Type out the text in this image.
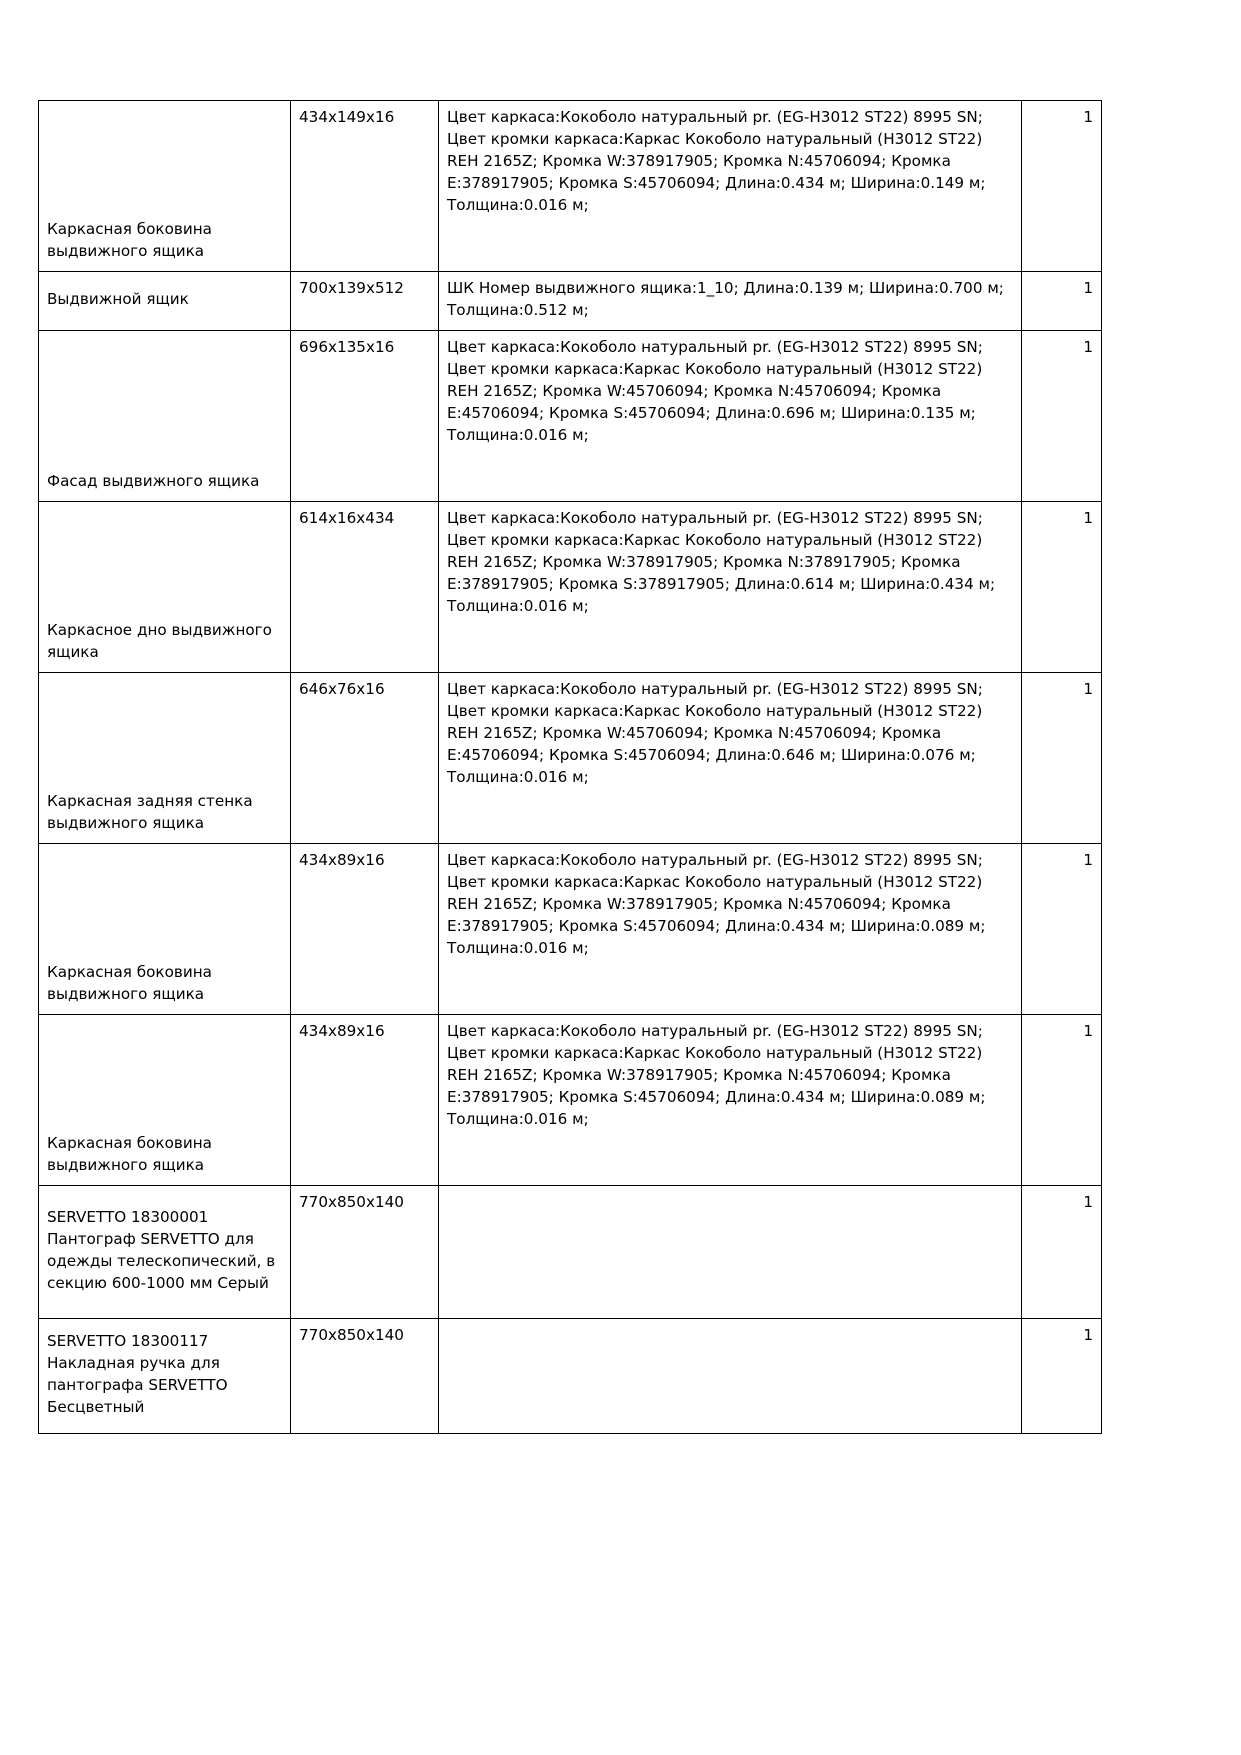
Каркасная боковина выдвижного ящика	434x149x16	Цвет каркаса:Кокоболо натуральный pr. (EG-H3012 ST22) 8995 SN; Цвет кромки каркаса:Каркас Кокоболо натуральный (H3012 ST22) REH 2165Z; Кромка W:378917905; Кромка N:45706094; Кромка E:378917905; Кромка S:45706094; Длина:0.434 м; Ширина:0.149 м; Толщина:0.016 м;	1
Выдвижной ящик	700x139x512	ШК Номер выдвижного ящика:1_10; Длина:0.139 м; Ширина:0.700 м; Толщина:0.512 м;	1
Фасад выдвижного ящика	696x135x16	Цвет каркаса:Кокоболо натуральный pr. (EG-H3012 ST22) 8995 SN; Цвет кромки каркаса:Каркас Кокоболо натуральный (H3012 ST22) REH 2165Z; Кромка W:45706094; Кромка N:45706094; Кромка E:45706094; Кромка S:45706094; Длина:0.696 м; Ширина:0.135 м; Толщина:0.016 м;	1
Каркасное дно выдвижного ящика	614x16x434	Цвет каркаса:Кокоболо натуральный pr. (EG-H3012 ST22) 8995 SN; Цвет кромки каркаса:Каркас Кокоболо натуральный (H3012 ST22) REH 2165Z; Кромка W:378917905; Кромка N:378917905; Кромка E:378917905; Кромка S:378917905; Длина:0.614 м; Ширина:0.434 м; Толщина:0.016 м;	1
Каркасная задняя стенка выдвижного ящика	646x76x16	Цвет каркаса:Кокоболо натуральный pr. (EG-H3012 ST22) 8995 SN; Цвет кромки каркаса:Каркас Кокоболо натуральный (H3012 ST22) REH 2165Z; Кромка W:45706094; Кромка N:45706094; Кромка E:45706094; Кромка S:45706094; Длина:0.646 м; Ширина:0.076 м; Толщина:0.016 м;	1
Каркасная боковина выдвижного ящика	434x89x16	Цвет каркаса:Кокоболо натуральный pr. (EG-H3012 ST22) 8995 SN; Цвет кромки каркаса:Каркас Кокоболо натуральный (H3012 ST22) REH 2165Z; Кромка W:378917905; Кромка N:45706094; Кромка E:378917905; Кромка S:45706094; Длина:0.434 м; Ширина:0.089 м; Толщина:0.016 м;	1
Каркасная боковина выдвижного ящика	434x89x16	Цвет каркаса:Кокоболо натуральный pr. (EG-H3012 ST22) 8995 SN; Цвет кромки каркаса:Каркас Кокоболо натуральный (H3012 ST22) REH 2165Z; Кромка W:378917905; Кромка N:45706094; Кромка E:378917905; Кромка S:45706094; Длина:0.434 м; Ширина:0.089 м; Толщина:0.016 м;	1
SERVETTO 18300001 Пантограф SERVETTO для одежды телескопический, в секцию 600-1000 мм Серый	770x850x140		1
SERVETTO 18300117 Накладная ручка для пантографа SERVETTO Бесцветный	770x850x140		1
